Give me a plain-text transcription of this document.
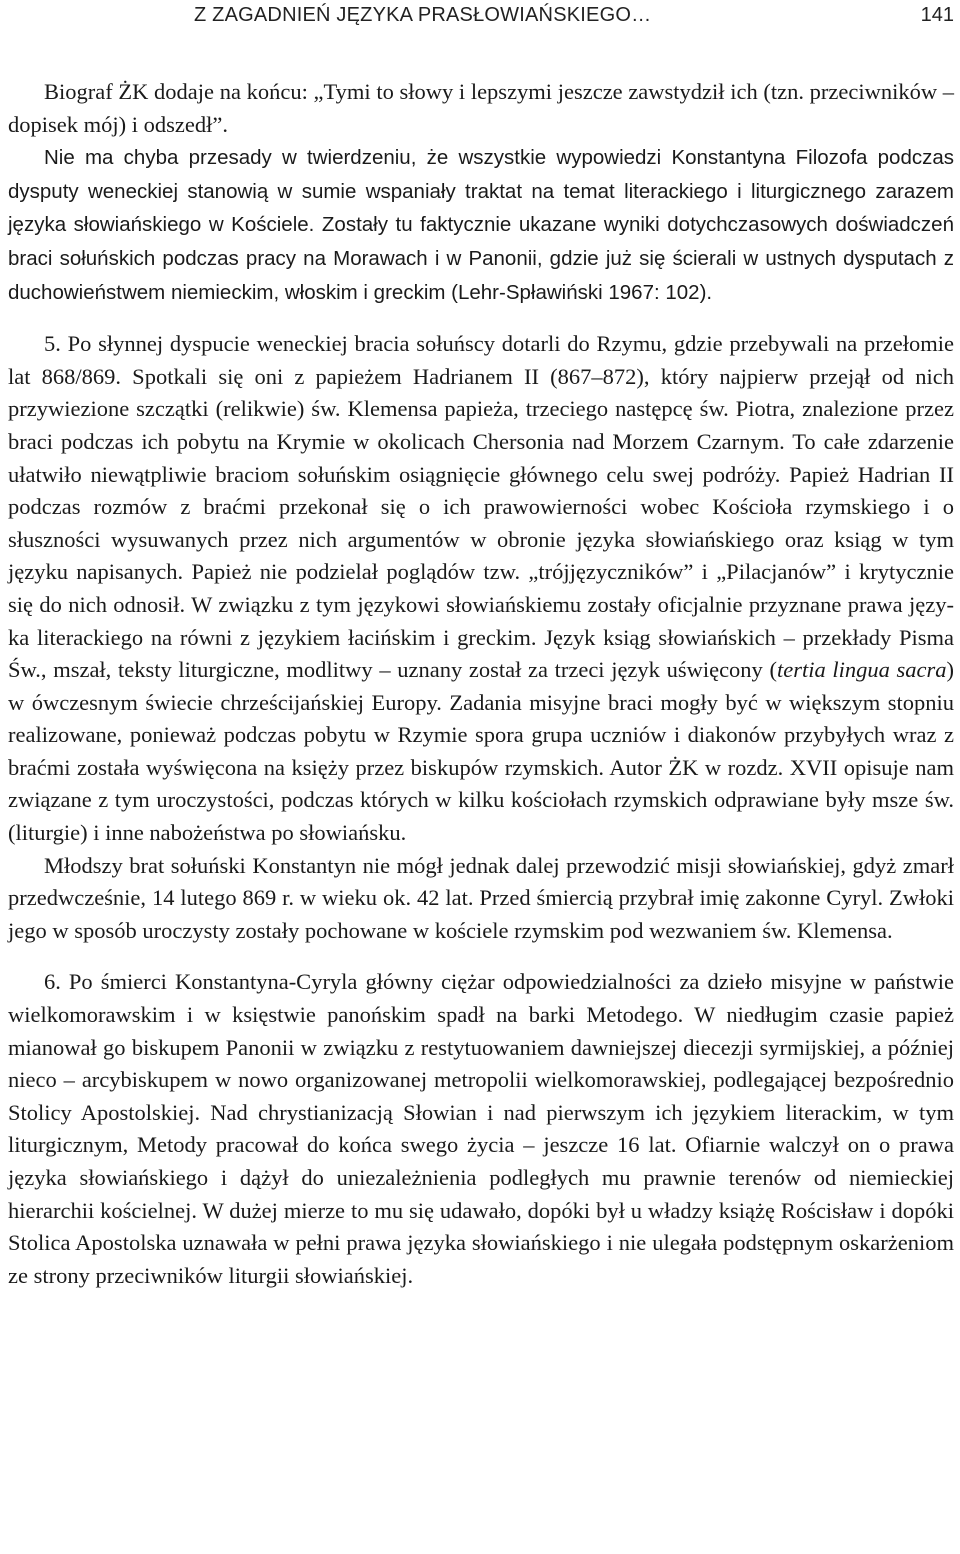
Z ZAGADNIEŃ JĘZYKA PRASŁOWIAŃSKIEGO…	141

Biograf ŻK dodaje na końcu: „Tymi to słowy i lepszymi jeszcze zawstydził ich (tzn. przeciwników – dopisek mój) i odszedł”.

Nie ma chyba przesady w twierdzeniu, że wszystkie wypowiedzi Konstantyna Filozofa podczas dysputy weneckiej stanowią w sumie wspaniały traktat na temat literackiego i liturgicznego zarazem języka słowiańskiego w Kościele. Zostały tu faktycznie ukazane wyniki dotychczasowych doświadczeń braci sołuńskich podczas pracy na Morawach i w Panonii, gdzie już się ścierali w ustnych dysputach z duchowieństwem niemieckim, włoskim i greckim (Lehr-Spławiński 1967: 102).

5. Po słynnej dyspucie weneckiej bracia sołuńscy dotarli do Rzymu, gdzie przebywali na przełomie lat 868/869. Spotkali się oni z papieżem Hadrianem II (867–872), który najpierw przejął od nich przywiezione szczątki (relikwie) św. Klemensa papieża, trzeciego następcę św. Piotra, znalezione przez braci podczas ich pobytu na Krymie w okolicach Chersonia nad Morzem Czarnym. To całe zdarzenie ułatwiło niewątpliwie braciom sołuńskim osiągnięcie głównego celu swej podróży. Papież Hadrian II podczas rozmów z braćmi przekonał się o ich prawowierności wobec Kościoła rzymskiego i o słuszności wysuwanych przez nich argumentów w obronie języka słowiańskiego oraz ksiąg w tym języku napisanych. Papież nie podzielał poglądów tzw. „trójjęzyczników” i „Pilacjanów” i krytycznie się do nich odnosił. W związku z tym językowi słowiańskiemu zostały oficjalnie przyznane prawa języka literackiego na równi z językiem łacińskim i greckim. Język ksiąg słowiańskich – przekłady Pisma Św., mszał, teksty liturgiczne, modlitwy – uznany został za trzeci język uświęcony (tertia lingua sacra) w ówczesnym świecie chrześcijańskiej Europy. Zadania misyjne braci mogły być w większym stopniu realizowane, ponieważ podczas pobytu w Rzymie spora grupa uczniów i diakonów przybyłych wraz z braćmi została wyświęcona na księży przez biskupów rzymskich. Autor ŻK w rozdz. XVII opisuje nam związane z tym uroczystości, podczas których w kilku kościołach rzymskich odprawiane były msze św. (liturgie) i inne nabożeństwa po słowiańsku.

Młodszy brat sołuński Konstantyn nie mógł jednak dalej przewodzić misji słowiańskiej, gdyż zmarł przedwcześnie, 14 lutego 869 r. w wieku ok. 42 lat. Przed śmiercią przybrał imię zakonne Cyryl. Zwłoki jego w sposób uroczysty zostały pochowane w kościele rzymskim pod wezwaniem św. Klemensa.

6. Po śmierci Konstantyna-Cyryla główny ciężar odpowiedzialności za dzieło misyjne w państwie wielkomorawskim i w księstwie panońskim spadł na barki Metodego. W niedługim czasie papież mianował go biskupem Panonii w związku z restytuowaniem dawniejszej diecezji syrmijskiej, a później nieco – arcybiskupem w nowo organizowanej metropolii wielkomorawskiej, podlegającej bezpośrednio Stolicy Apostolskiej. Nad chrystianizacją Słowian i nad pierwszym ich językiem literackim, w tym liturgicznym, Metody pracował do końca swego życia – jeszcze 16 lat. Ofiarnie walczył on o prawa języka słowiańskiego i dążył do uniezależnienia podległych mu prawnie terenów od niemieckiej hierarchii kościelnej. W dużej mierze to mu się udawało, dopóki był u władzy książę Rościsław i dopóki Stolica Apostolska uznawała w pełni prawa języka słowiańskiego i nie ulegała podstępnym oskarżeniom ze strony przeciwników liturgii słowiańskiej.
